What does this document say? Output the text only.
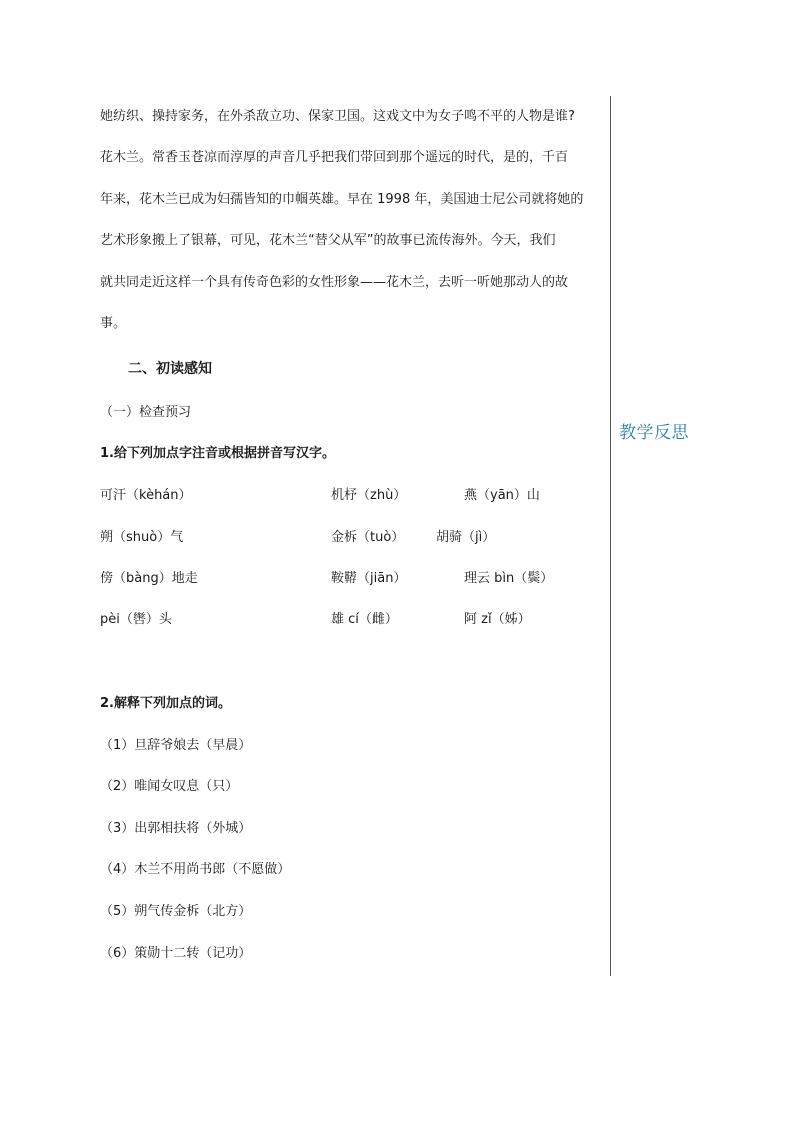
教学反思
她纺织、操持家务，在外杀敌立功、保家卫国。这戏文中为女子鸣不平的人物是谁?
花木兰。常香玉苍凉而淳厚的声音几乎把我们带回到那个遥远的时代，是的，千百
年来，花木兰已成为妇孺皆知的巾帼英雄。早在 1998 年，美国迪士尼公司就将她的
艺术形象搬上了银幕，可见，花木兰“替父从军”的故事已流传海外。今天，我们
就共同走近这样一个具有传奇色彩的女性形象——花木兰，去听一听她那动人的故
事。
二、初读感知
（一）检查预习
1.给下列加点字注音或根据拼音写汉字。
可汗（kèhán）	机杼（zhù）	燕（yān）山
朔（shuò）气	金柝（tuò） 胡骑（jì）
傍（bàng）地走	鞍鞯（jiān）	理云 bìn（鬓）
pèi（辔）头	雄 cí（雌）	阿 zǐ（姊）
2.解释下列加点的词。
（1）旦辞爷娘去（早晨）
（2）唯闻女叹息（只）
（3）出郭相扶将（外城）
（4）木兰不用尚书郎（不愿做）
（5）朔气传金柝（北方）
（6）策勋十二转（记功）
